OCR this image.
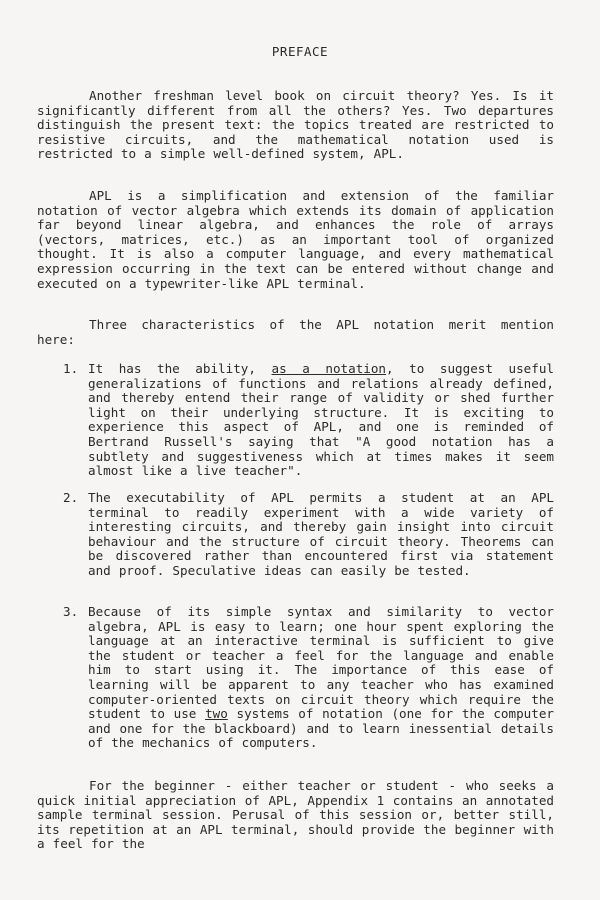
PREFACE
Another freshman level book on circuit theory? Yes. Is it significantly different from all the others? Yes. Two departures distinguish the present text: the topics treated are restricted to resistive circuits, and the mathematical notation used is restricted to a simple well-defined system, APL.
APL is a simplification and extension of the familiar notation of vector algebra which extends its domain of application far beyond linear algebra, and enhances the role of arrays (vectors, matrices, etc.) as an important tool of organized thought. It is also a computer language, and every mathematical expression occurring in the text can be entered without change and executed on a typewriter-like APL terminal.
Three characteristics of the APL notation merit mention here:
1. It has the ability, as a notation, to suggest useful generalizations of functions and relations already defined, and thereby entend their range of validity or shed further light on their underlying structure. It is exciting to experience this aspect of APL, and one is reminded of Bertrand Russell's saying that "A good notation has a subtlety and suggestiveness which at times makes it seem almost like a live teacher".
2. The executability of APL permits a student at an APL terminal to readily experiment with a wide variety of interesting circuits, and thereby gain insight into circuit behaviour and the structure of circuit theory. Theorems can be discovered rather than encountered first via statement and proof. Speculative ideas can easily be tested.
3. Because of its simple syntax and similarity to vector algebra, APL is easy to learn; one hour spent exploring the language at an interactive terminal is sufficient to give the student or teacher a feel for the language and enable him to start using it. The importance of this ease of learning will be apparent to any teacher who has examined computer-oriented texts on circuit theory which require the student to use two systems of notation (one for the computer and one for the blackboard) and to learn inessential details of the mechanics of computers.
For the beginner - either teacher or student - who seeks a quick initial appreciation of APL, Appendix 1 contains an annotated sample terminal session. Perusal of this session or, better still, its repetition at an APL terminal, should provide the beginner with a feel for the
